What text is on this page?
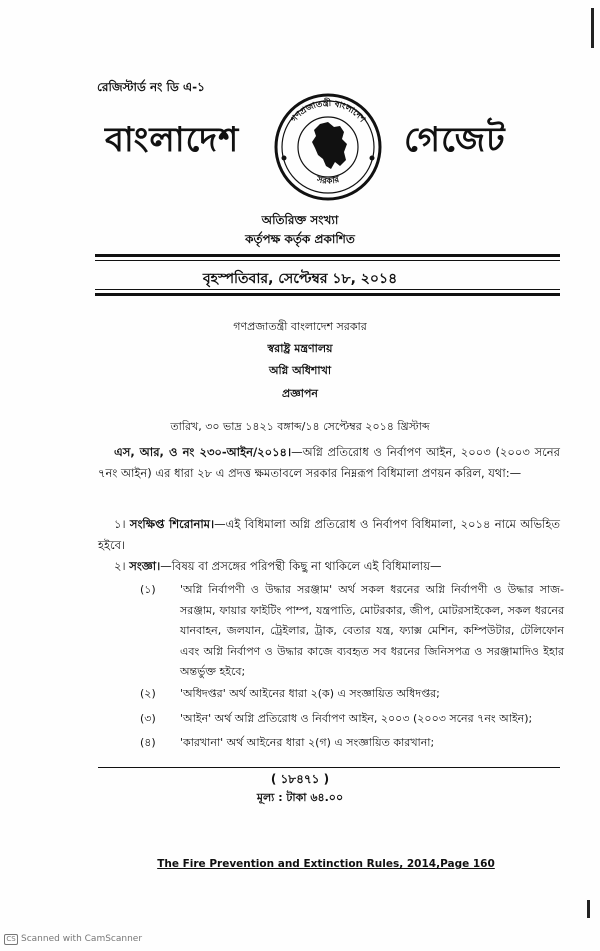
রেজিস্টার্ড নং ডি এ-১
বাংলাদেশ
গণপ্রজাতন্ত্রী বাংলাদেশ
সরকার
গেজেট
অতিরিক্ত সংখ্যা
কর্তৃপক্ষ কর্তৃক প্রকাশিত
বৃহস্পতিবার, সেপ্টেম্বর ১৮, ২০১৪
গণপ্রজাতন্ত্রী বাংলাদেশ সরকার
স্বরাষ্ট্র মন্ত্রণালয়
অগ্নি অধিশাখা
প্রজ্ঞাপন
তারিখ, ৩০ ভাদ্র ১৪২১ বঙ্গাব্দ/১৪ সেপ্টেম্বর ২০১৪ খ্রিস্টাব্দ
এস, আর, ও নং ২৩০-আইন/২০১৪।—অগ্নি প্রতিরোধ ও নির্বাপণ আইন, ২০০৩ (২০০৩ সনের ৭নং আইন) এর ধারা ২৮ এ প্রদত্ত ক্ষমতাবলে সরকার নিম্নরূপ বিধিমালা প্রণয়ন করিল, যথা:—
১। সংক্ষিপ্ত শিরোনাম।—এই বিধিমালা অগ্নি প্রতিরোধ ও নির্বাপণ বিধিমালা, ২০১৪ নামে অভিহিত হইবে।
২। সংজ্ঞা।—বিষয় বা প্রসঙ্গের পরিপন্থী কিছু না থাকিলে এই বিধিমালায়—
(১)	'অগ্নি নির্বাপণী ও উদ্ধার সরঞ্জাম' অর্থ সকল ধরনের অগ্নি নির্বাপণী ও উদ্ধার সাজ-সরঞ্জাম, ফায়ার ফাইটিং পাম্প, যন্ত্রপাতি, মোটরকার, জীপ, মোটরসাইকেল, সকল ধরনের যানবাহন, জলযান, ট্রেইলার, ট্রাক, বেতার যন্ত্র, ফ্যাক্স মেশিন, কম্পিউটার, টেলিফোন এবং অগ্নি নির্বাপণ ও উদ্ধার কাজে ব্যবহৃত সব ধরনের জিনিসপত্র ও সরঞ্জামাদিও ইহার অন্তর্ভুক্ত হইবে;
(২)	'অধিদপ্তর' অর্থ আইনের ধারা ২(ক) এ সংজ্ঞায়িত অধিদপ্তর;
(৩)	'আইন' অর্থ অগ্নি প্রতিরোধ ও নির্বাপণ আইন, ২০০৩ (২০০৩ সনের ৭নং আইন);
(৪)	'কারখানা' অর্থ আইনের ধারা ২(গ) এ সংজ্ঞায়িত কারখানা;
( ১৮৪৭১ )
মূল্য : টাকা ৬৪.০০
The Fire Prevention and Extinction Rules, 2014,Page 160
CS Scanned with CamScanner
